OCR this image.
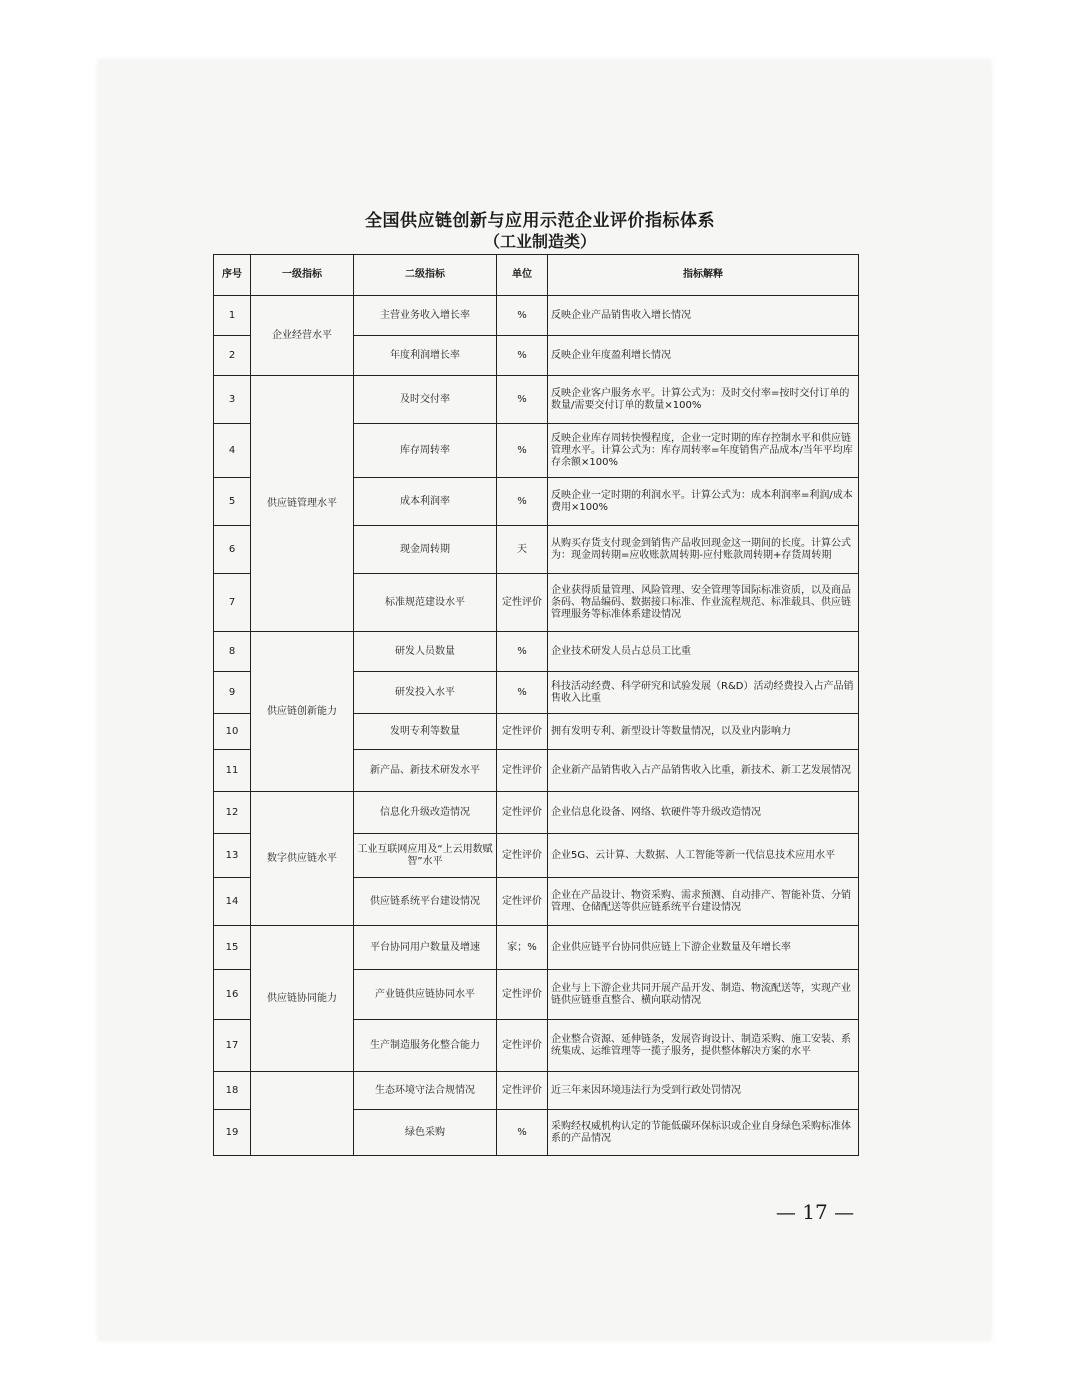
全国供应链创新与应用示范企业评价指标体系
（工业制造类）
序号	一级指标	二级指标	单位	指标解释
1	企业经营水平	主营业务收入增长率	%	反映企业产品销售收入增长情况
2		年度利润增长率	%	反映企业年度盈利增长情况
3	供应链管理水平	及时交付率	%	反映企业客户服务水平。计算公式为：及时交付率=按时交付订单的数量/需要交付订单的数量×100%
4		库存周转率	%	反映企业库存周转快慢程度，企业一定时期的库存控制水平和供应链管理水平。计算公式为：库存周转率=年度销售产品成本/当年平均库存余额×100%
5		成本利润率	%	反映企业一定时期的利润水平。计算公式为：成本利润率=利润/成本费用×100%
6		现金周转期	天	从购买存货支付现金到销售产品收回现金这一期间的长度。计算公式为：现金周转期=应收账款周转期-应付账款周转期+存货周转期
7		标准规范建设水平	定性评价	企业获得质量管理、风险管理、安全管理等国际标准资质，以及商品条码、物品编码、数据接口标准、作业流程规范、标准载具、供应链管理服务等标准体系建设情况
8	供应链创新能力	研发人员数量	%	企业技术研发人员占总员工比重
9		研发投入水平	%	科技活动经费、科学研究和试验发展（R&D）活动经费投入占产品销售收入比重
10		发明专利等数量	定性评价	拥有发明专利、新型设计等数量情况，以及业内影响力
11		新产品、新技术研发水平	定性评价	企业新产品销售收入占产品销售收入比重，新技术、新工艺发展情况
12	数字供应链水平	信息化升级改造情况	定性评价	企业信息化设备、网络、软硬件等升级改造情况
13		工业互联网应用及“上云用数赋智”水平	定性评价	企业5G、云计算、大数据、人工智能等新一代信息技术应用水平
14		供应链系统平台建设情况	定性评价	企业在产品设计、物资采购、需求预测、自动排产、智能补货、分销管理、仓储配送等供应链系统平台建设情况
15	供应链协同能力	平台协同用户数量及增速	家；%	企业供应链平台协同供应链上下游企业数量及年增长率
16		产业链供应链协同水平	定性评价	企业与上下游企业共同开展产品开发、制造、物流配送等，实现产业链供应链垂直整合、横向联动情况
17		生产制造服务化整合能力	定性评价	企业整合资源、延伸链条，发展咨询设计、制造采购、施工安装、系统集成、运维管理等一揽子服务，提供整体解决方案的水平
18		生态环境守法合规情况	定性评价	近三年来因环境违法行为受到行政处罚情况
19		绿色采购	%	采购经权威机构认定的节能低碳环保标识或企业自身绿色采购标准体系的产品情况
— 17 —
